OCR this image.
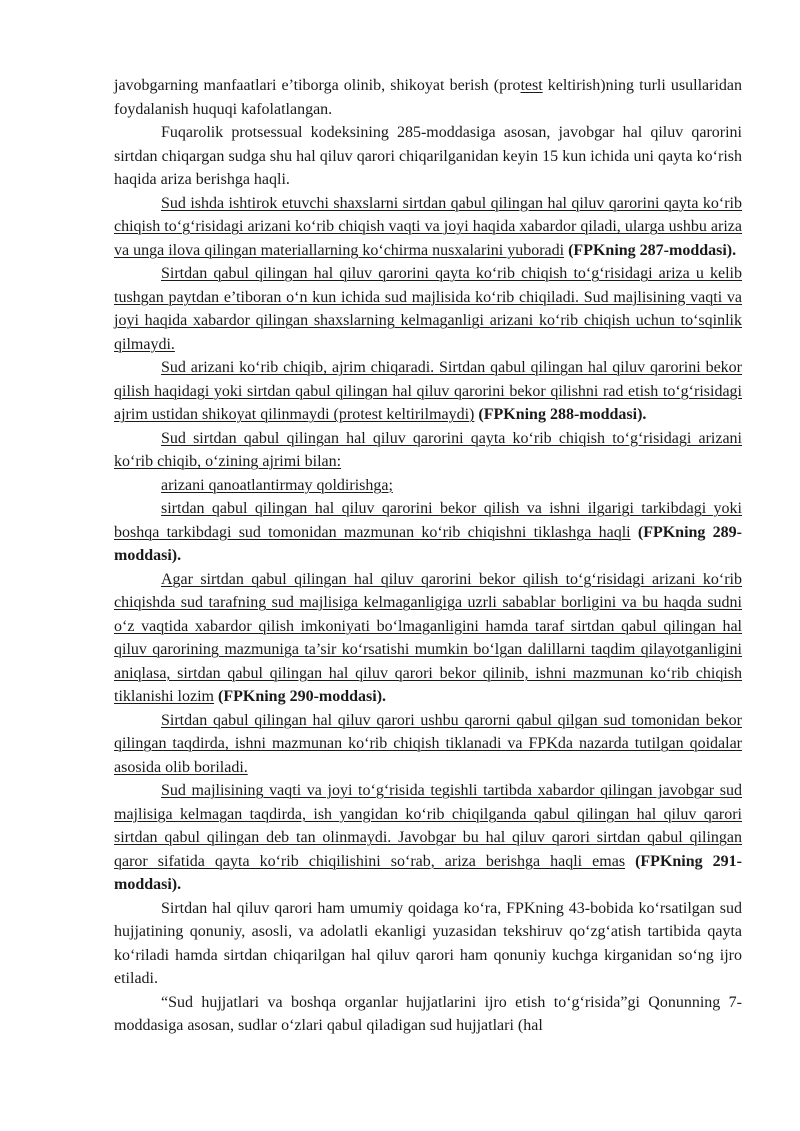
javobgarning manfaatlari e’tiborga olinib, shikoyat berish (protest keltirish)ning turli usullaridan foydalanish huquqi kafolatlangan.

Fuqarolik protsessual kodeksining 285-moddasiga asosan, javobgar hal qiluv qarorini sirtdan chiqargan sudga shu hal qiluv qarori chiqarilganidan keyin 15 kun ichida uni qayta ko‘rish haqida ariza berishga haqli.

Sud ishda ishtirok etuvchi shaxslarni sirtdan qabul qilingan hal qiluv qarorini qayta ko‘rib chiqish to‘g‘risidagi arizani ko‘rib chiqish vaqti va joyi haqida xabardor qiladi, ularga ushbu ariza va unga ilova qilingan materiallarning ko‘chirma nusxalarini yuboradi (FPKning 287-moddasi).

Sirtdan qabul qilingan hal qiluv qarorini qayta ko‘rib chiqish to‘g‘risidagi ariza u kelib tushgan paytdan e’tiboran o‘n kun ichida sud majlisida ko‘rib chiqiladi. Sud majlisining vaqti va joyi haqida xabardor qilingan shaxslarning kelmaganligi arizani ko‘rib chiqish uchun to‘sqinlik qilmaydi.

Sud arizani ko‘rib chiqib, ajrim chiqaradi. Sirtdan qabul qilingan hal qiluv qarorini bekor qilish haqidagi yoki sirtdan qabul qilingan hal qiluv qarorini bekor qilishni rad etish to‘g‘risidagi ajrim ustidan shikoyat qilinmaydi (protest keltirilmaydi) (FPKning 288-moddasi).

Sud sirtdan qabul qilingan hal qiluv qarorini qayta ko‘rib chiqish to‘g‘risidagi arizani ko‘rib chiqib, o‘zining ajrimi bilan:

arizani qanoatlantirmay qoldirishga;

sirtdan qabul qilingan hal qiluv qarorini bekor qilish va ishni ilgarigi tarkibdagi yoki boshqa tarkibdagi sud tomonidan mazmunan ko‘rib chiqishni tiklashga haqli (FPKning 289-moddasi).

Agar sirtdan qabul qilingan hal qiluv qarorini bekor qilish to‘g‘risidagi arizani ko‘rib chiqishda sud tarafning sud majlisiga kelmaganligiga uzrli sabablar borligini va bu haqda sudni o‘z vaqtida xabardor qilish imkoniyati bo‘lmaganligini hamda taraf sirtdan qabul qilingan hal qiluv qarorining mazmuniga ta’sir ko‘rsatishi mumkin bo‘lgan dalillarni taqdim qilayotganligini aniqlasa, sirtdan qabul qilingan hal qiluv qarori bekor qilinib, ishni mazmunan ko‘rib chiqish tiklanishi lozim (FPKning 290-moddasi).

Sirtdan qabul qilingan hal qiluv qarori ushbu qarorni qabul qilgan sud tomonidan bekor qilingan taqdirda, ishni mazmunan ko‘rib chiqish tiklanadi va FPKda nazarda tutilgan qoidalar asosida olib boriladi.

Sud majlisining vaqti va joyi to‘g‘risida tegishli tartibda xabardor qilingan javobgar sud majlisiga kelmagan taqdirda, ish yangidan ko‘rib chiqilganda qabul qilingan hal qiluv qarori sirtdan qabul qilingan deb tan olinmaydi. Javobgar bu hal qiluv qarori sirtdan qabul qilingan qaror sifatida qayta ko‘rib chiqilishini so‘rab, ariza berishga haqli emas (FPKning 291-moddasi).

Sirtdan hal qiluv qarori ham umumiy qoidaga ko‘ra, FPKning 43-bobida ko‘rsatilgan sud hujjatining qonuniy, asosli, va adolatli ekanligi yuzasidan tekshiruv qo‘zg‘atish tartibida qayta ko‘riladi hamda sirtdan chiqarilgan hal qiluv qarori ham qonuniy kuchga kirganidan so‘ng ijro etiladi.

“Sud hujjatlari va boshqa organlar hujjatlarini ijro etish to‘g‘risida”gi Qonunning 7-moddasiga asosan, sudlar o‘zlari qabul qiladigan sud hujjatlari (hal
